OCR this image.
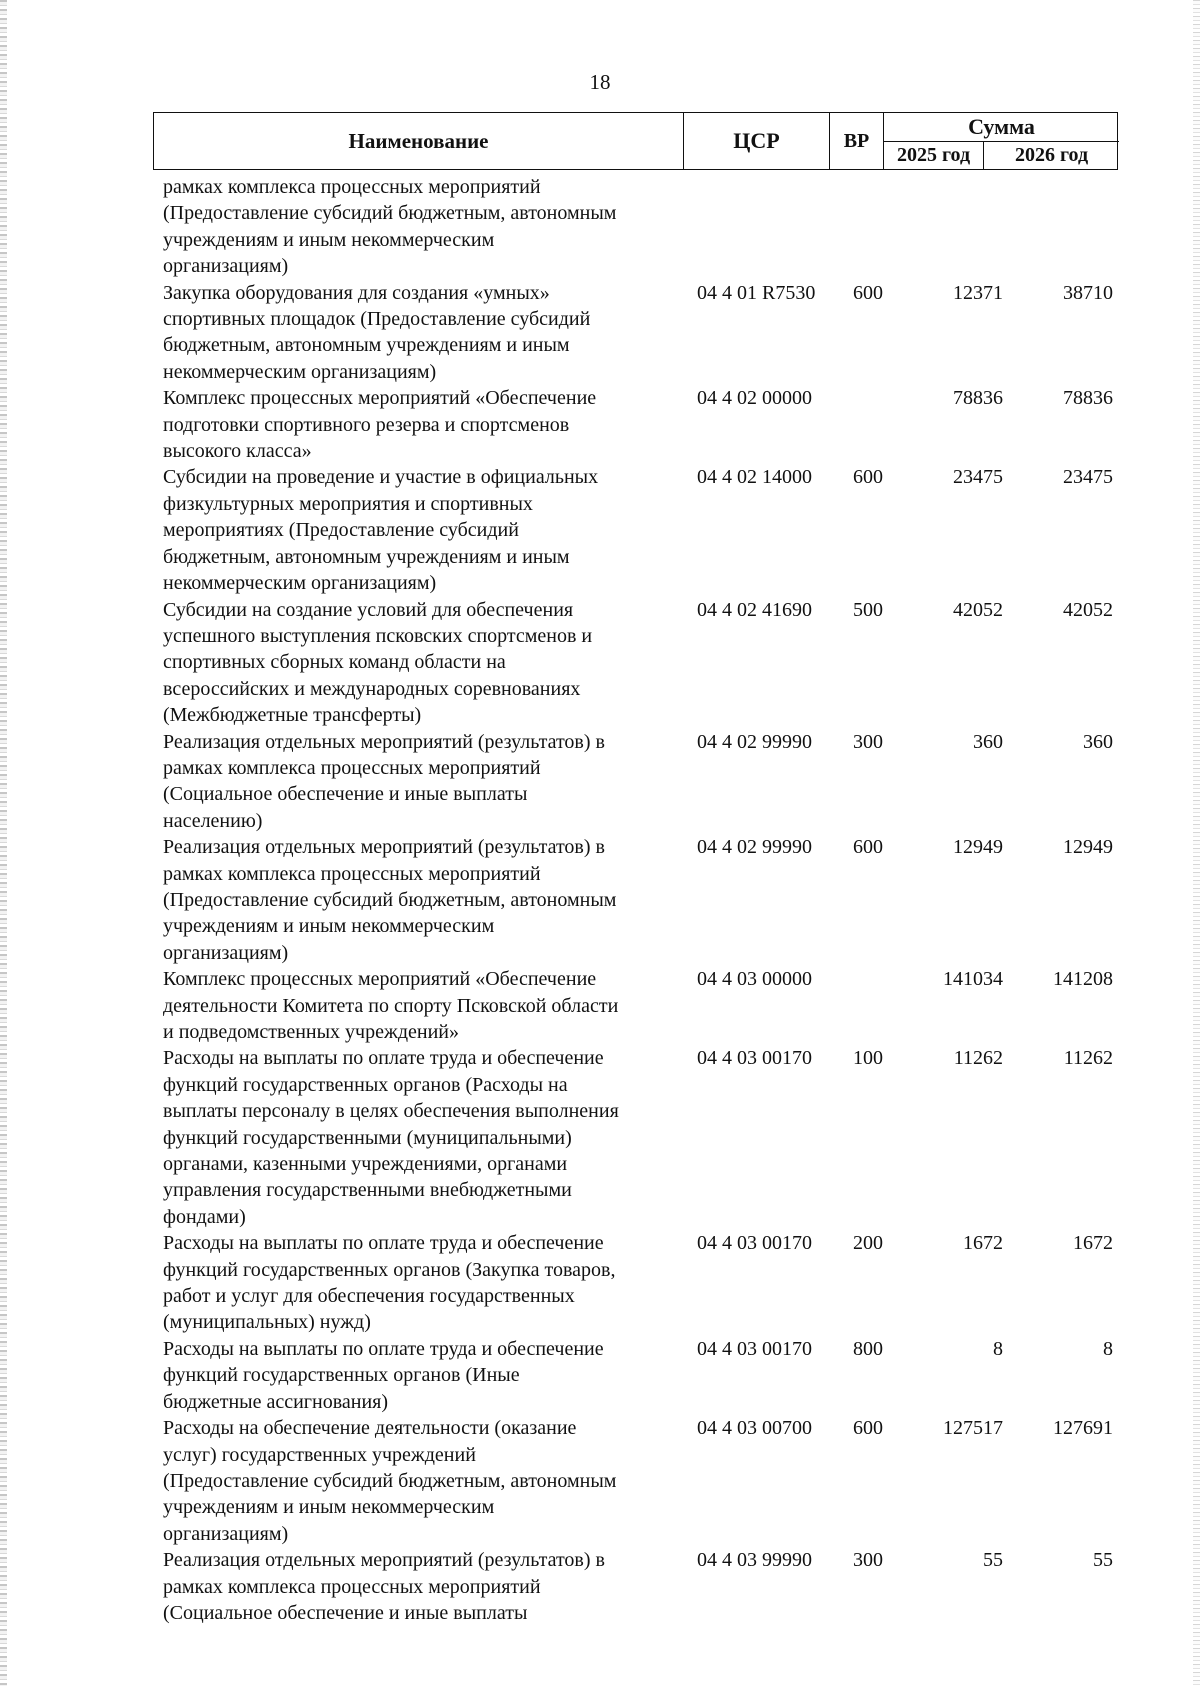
18
Наименование	ЦСР	ВР
Сумма
2025 год	2026 год
рамках комплекса процессных мероприятий
(Предоставление субсидий бюджетным, автономным
учреждениям и иным некоммерческим
организациям)
Закупка оборудования для создания «умных»
спортивных площадок (Предоставление субсидий
бюджетным, автономным учреждениям и иным
некоммерческим организациям)
04 4 01 R7530 600	12371	38710
Комплекс процессных мероприятий «Обеспечение
подготовки спортивного резерва и спортсменов
высокого класса»
04 4 02 00000	78836	78836
Субсидии на проведение и участие в официальных
физкультурных мероприятия и спортивных
мероприятиях (Предоставление субсидий
бюджетным, автономным учреждениям и иным
некоммерческим организациям)
04 4 02 14000 600	23475	23475
Субсидии на создание условий для обеспечения
успешного выступления псковских спортсменов и
спортивных сборных команд области на
всероссийских и международных соревнованиях
(Межбюджетные трансферты)
04 4 02 41690 500	42052	42052
Реализация отдельных мероприятий (результатов) в
рамках комплекса процессных мероприятий
(Социальное обеспечение и иные выплаты
населению)
04 4 02 99990 300	360	360
Реализация отдельных мероприятий (результатов) в
рамках комплекса процессных мероприятий
(Предоставление субсидий бюджетным, автономным
учреждениям и иным некоммерческим
организациям)
04 4 02 99990 600	12949	12949
Комплекс процессных мероприятий «Обеспечение
деятельности Комитета по спорту Псковской области
и подведомственных учреждений»
04 4 03 00000	141034	141208
Расходы на выплаты по оплате труда и обеспечение
функций государственных органов (Расходы на
выплаты персоналу в целях обеспечения выполнения
функций государственными (муниципальными)
органами, казенными учреждениями, органами
управления государственными внебюджетными
фондами)
04 4 03 00170 100	11262	11262
Расходы на выплаты по оплате труда и обеспечение
функций государственных органов (Закупка товаров,
работ и услуг для обеспечения государственных
(муниципальных) нужд)
04 4 03 00170 200	1672	1672
Расходы на выплаты по оплате труда и обеспечение
функций государственных органов (Иные
бюджетные ассигнования)
04 4 03 00170 800	8	8
Расходы на обеспечение деятельности (оказание
услуг) государственных учреждений
(Предоставление субсидий бюджетным, автономным
учреждениям и иным некоммерческим
организациям)
04 4 03 00700 600	127517	127691
Реализация отдельных мероприятий (результатов) в
рамках комплекса процессных мероприятий
(Социальное обеспечение и иные выплаты
04 4 03 99990 300	55	55
